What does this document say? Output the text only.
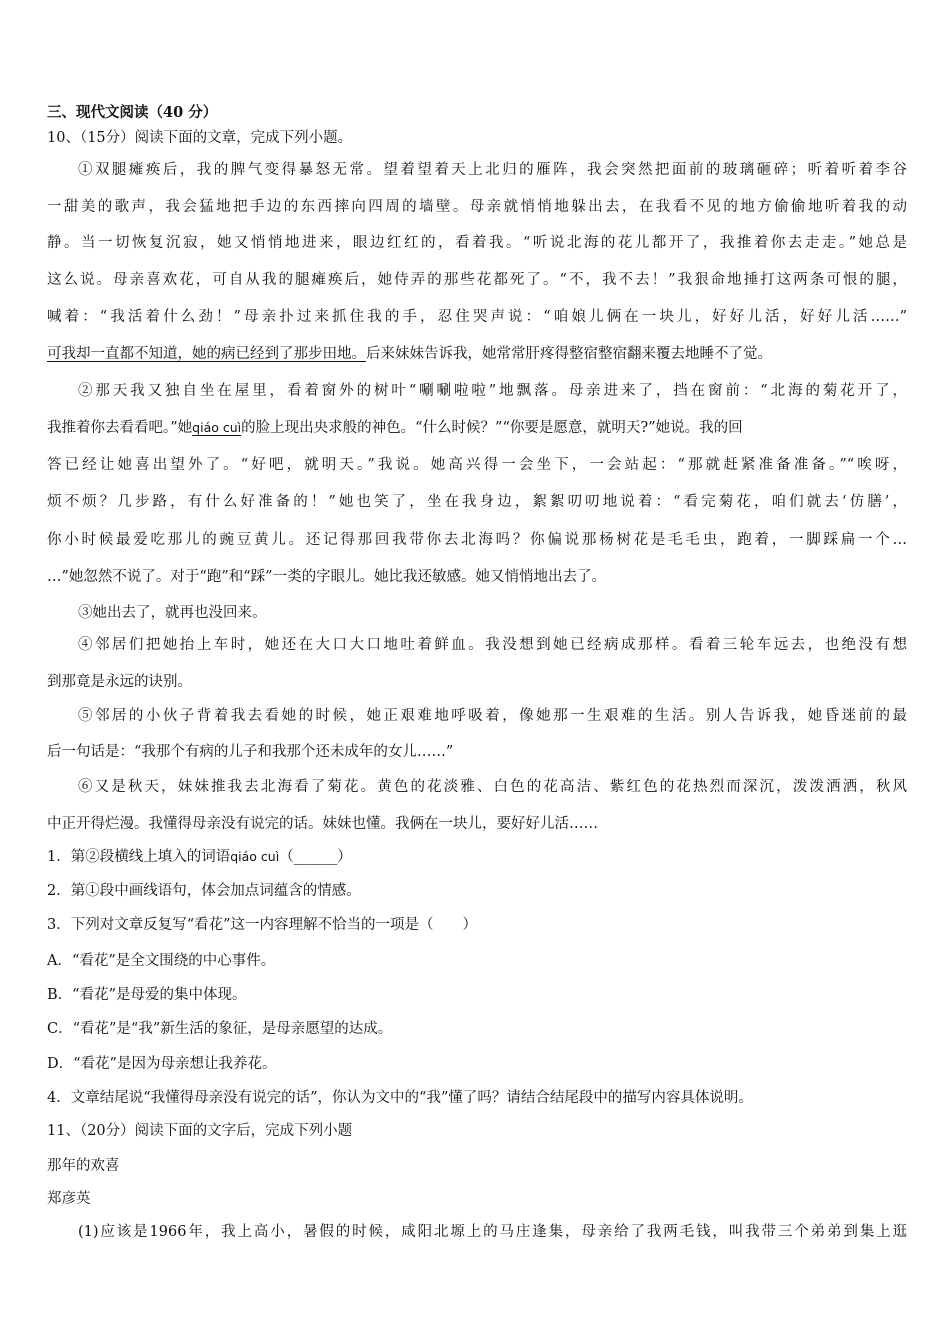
三、现代文阅读（40 分）
10、（15分）阅读下面的文章，完成下列小题。
①双腿瘫痪后，我的脾气变得暴怒无常。望着望着天上北归的雁阵，我会突然把面前的玻璃砸碎；听着听着李谷
一甜美的歌声，我会猛地把手边的东西摔向四周的墙壁。母亲就悄悄地躲出去，在我看不见的地方偷偷地听着我的动
静。当一切恢复沉寂，她又悄悄地进来，眼边红红的，看着我。“听说北海的花儿都开了，我推着你去走走。”她总是
这么说。母亲喜欢花，可自从我的腿瘫痪后，她侍弄的那些花都死了。“不，我不去！”我狠命地捶打这两条可恨的腿，
喊着：“我活着什么劲！”母亲扑过来抓住我的手，忍住哭声说：“咱娘儿俩在一块儿，好好儿活，好好儿活……”
可我却一直都不知道，她的病已经到了那步田地。后来妹妹告诉我，她常常肝疼得整宿整宿翻来覆去地睡不了觉。
②那天我又独自坐在屋里，看着窗外的树叶“唰唰啦啦”地飘落。母亲进来了，挡在窗前：“北海的菊花开了，
我推着你去看看吧。”她qiáo cuì的脸上现出央求般的神色。“什么时候？”“你要是愿意，就明天?”她说。我的回
答已经让她喜出望外了。“好吧，就明天。”我说。她高兴得一会坐下，一会站起：“那就赶紧准备准备。”“唉呀，
烦不烦？几步路，有什么好准备的！”她也笑了，坐在我身边，絮絮叨叨地说着：“看完菊花，咱们就去‘仿膳’，
你小时候最爱吃那儿的豌豆黄儿。还记得那回我带你去北海吗？你偏说那杨树花是毛毛虫，跑着，一脚踩扁一个…
…”她忽然不说了。对于“跑”和“踩”一类的字眼儿。她比我还敏感。她又悄悄地出去了。
③她出去了，就再也没回来。
④邻居们把她抬上车时，她还在大口大口地吐着鲜血。我没想到她已经病成那样。看着三轮车远去，也绝没有想
到那竟是永远的诀别。
⑤邻居的小伙子背着我去看她的时候，她正艰难地呼吸着，像她那一生艰难的生活。别人告诉我，她昏迷前的最
后一句话是：“我那个有病的儿子和我那个还未成年的女儿……”
⑥又是秋天，妹妹推我去北海看了菊花。黄色的花淡雅、白色的花高洁、紫红色的花热烈而深沉，泼泼洒洒，秋风
中正开得烂漫。我懂得母亲没有说完的话。妹妹也懂。我俩在一块儿，要好好儿活……
1．第②段横线上填入的词语qiáo cuì（______）
2．第①段中画线语句，体会加点词蕴含的情感。
3．下列对文章反复写“看花”这一内容理解不恰当的一项是（　　）
A．“看花”是全文围绕的中心事件。
B．“看花”是母爱的集中体现。
C．“看花”是“我”新生活的象征，是母亲愿望的达成。
D．“看花”是因为母亲想让我养花。
4．文章结尾说“我懂得母亲没有说完的话”，你认为文中的“我”懂了吗？请结合结尾段中的描写内容具体说明。
11、（20分）阅读下面的文字后，完成下列小题
那年的欢喜
郑彦英
(1)应该是1966年，我上高小，暑假的时候，咸阳北塬上的马庄逢集，母亲给了我两毛钱，叫我带三个弟弟到集上逛
